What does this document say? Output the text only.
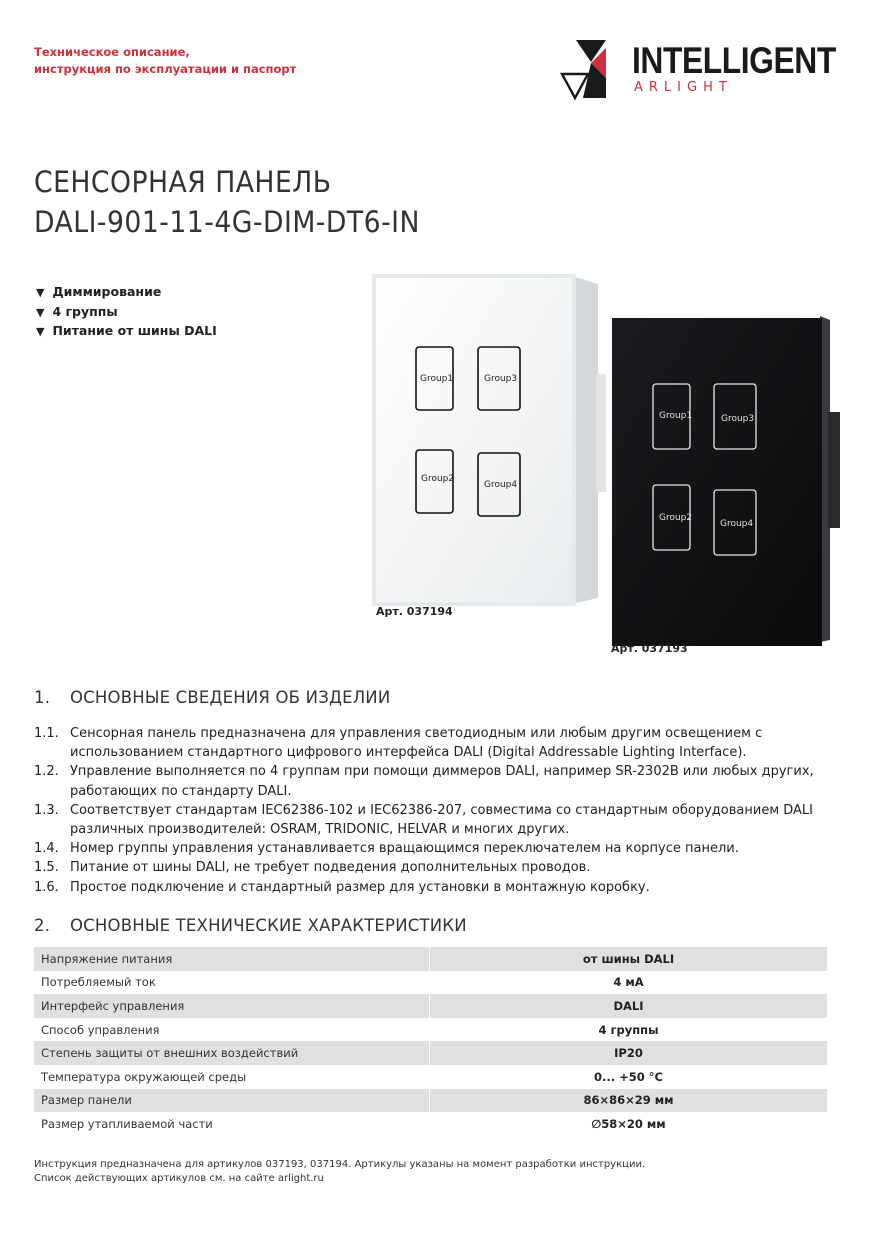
Техническое описание,
инструкция по эксплуатации и паспорт	INTELLIGENT
ARLIGHT
СЕНСОРНАЯ ПАНЕЛЬ
DALI-901-11-4G-DIM-DT6-IN
▼ Диммирование
▼ 4 группы
▼ Питание от шины DALI
Group1	Group3
Group2
Group4
Group1	Group3
Group2
Group4
Арт. 037194
Арт. 037193
1. ОСНОВНЫЕ СВЕДЕНИЯ ОБ ИЗДЕЛИИ
1.1. Сенсорная панель предназначена для управления светодиодным или любым другим освещением с использованием стандартного цифрового интерфейса DALI (Digital Addressable Lighting Interface).
1.2. Управление выполняется по 4 группам при помощи диммеров DALI, например SR-2302B или любых других, работающих по стандарту DALI.
1.3. Соответствует стандартам IEC62386-102 и IEC62386-207, совместима со стандартным оборудованием DALI различных производителей: OSRAM, TRIDONIC, HELVAR и многих других.
1.4. Номер группы управления устанавливается вращающимся переключателем на корпусе панели.
1.5. Питание от шины DALI, не требует подведения дополнительных проводов.
1.6. Простое подключение и стандартный размер для установки в монтажную коробку.
2. ОСНОВНЫЕ ТЕХНИЧЕСКИЕ ХАРАКТЕРИСТИКИ
Напряжение питания	от шины DALI
Потребляемый ток	4 мА
Интерфейс управления	DALI
Способ управления	4 группы
Степень защиты от внешних воздействий	IP20
Температура окружающей среды	0... +50 °С
Размер панели	86×86×29 мм
Размер утапливаемой части	∅58×20 мм
Инструкция предназначена для артикулов 037193, 037194. Артикулы указаны на момент разработки инструкции.
Список действующих артикулов см. на сайте arlight.ru
